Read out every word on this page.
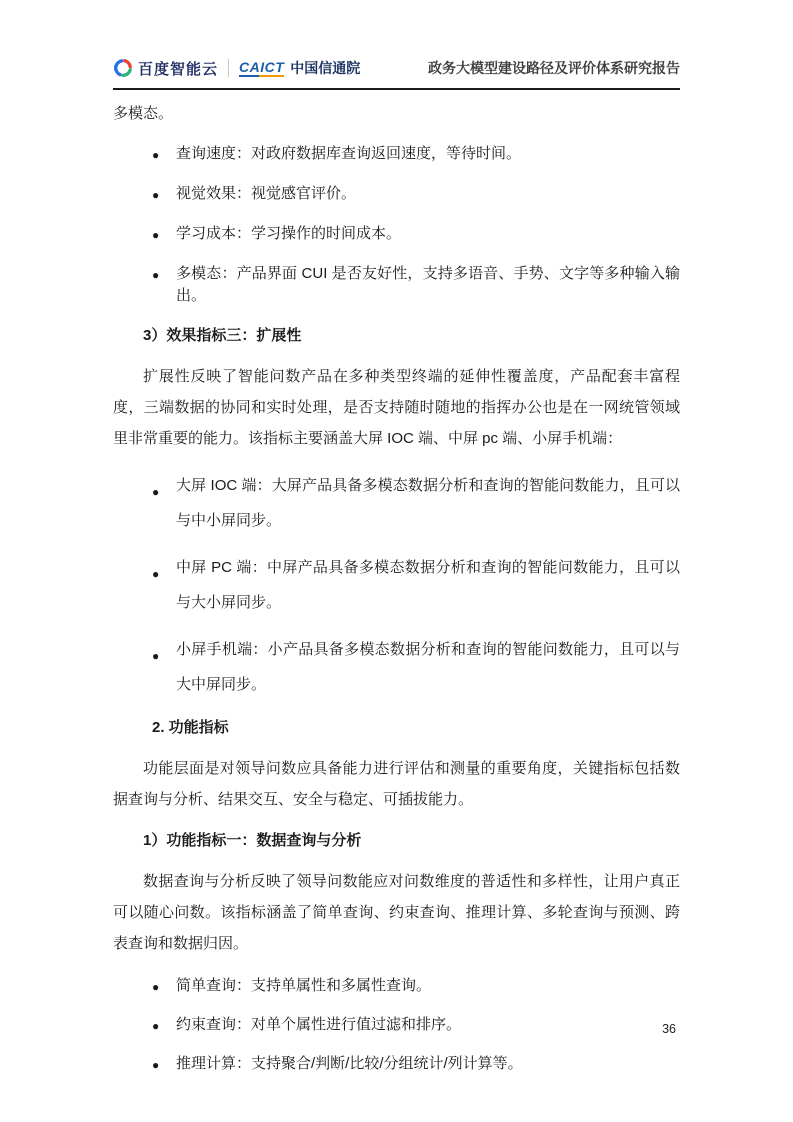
百度智能云 CAICT 中国信通院	政务大模型建设路径及评价体系研究报告
多模态。
● 查询速度：对政府数据库查询返回速度，等待时间。
● 视觉效果：视觉感官评价。
● 学习成本：学习操作的时间成本。
● 多模态：产品界面 CUI 是否友好性，支持多语音、手势、文字等多种输入输出。
3）效果指标三：扩展性
扩展性反映了智能问数产品在多种类型终端的延伸性覆盖度，产品配套丰富程度，三端数据的协同和实时处理，是否支持随时随地的指挥办公也是在一网统管领域里非常重要的能力。该指标主要涵盖大屏 IOC 端、中屏 pc 端、小屏手机端：
● 大屏 IOC 端：大屏产品具备多模态数据分析和查询的智能问数能力，且可以与中小屏同步。
● 中屏 PC 端：中屏产品具备多模态数据分析和查询的智能问数能力，且可以与大小屏同步。
● 小屏手机端：小产品具备多模态数据分析和查询的智能问数能力，且可以与大中屏同步。
2. 功能指标
功能层面是对领导问数应具备能力进行评估和测量的重要角度，关键指标包括数据查询与分析、结果交互、安全与稳定、可插拔能力。
1）功能指标一：数据查询与分析
数据查询与分析反映了领导问数能应对问数维度的普适性和多样性，让用户真正可以随心问数。该指标涵盖了简单查询、约束查询、推理计算、多轮查询与预测、跨表查询和数据归因。
● 简单查询：支持单属性和多属性查询。
● 约束查询：对单个属性进行值过滤和排序。
● 推理计算：支持聚合/判断/比较/分组统计/列计算等。
36
